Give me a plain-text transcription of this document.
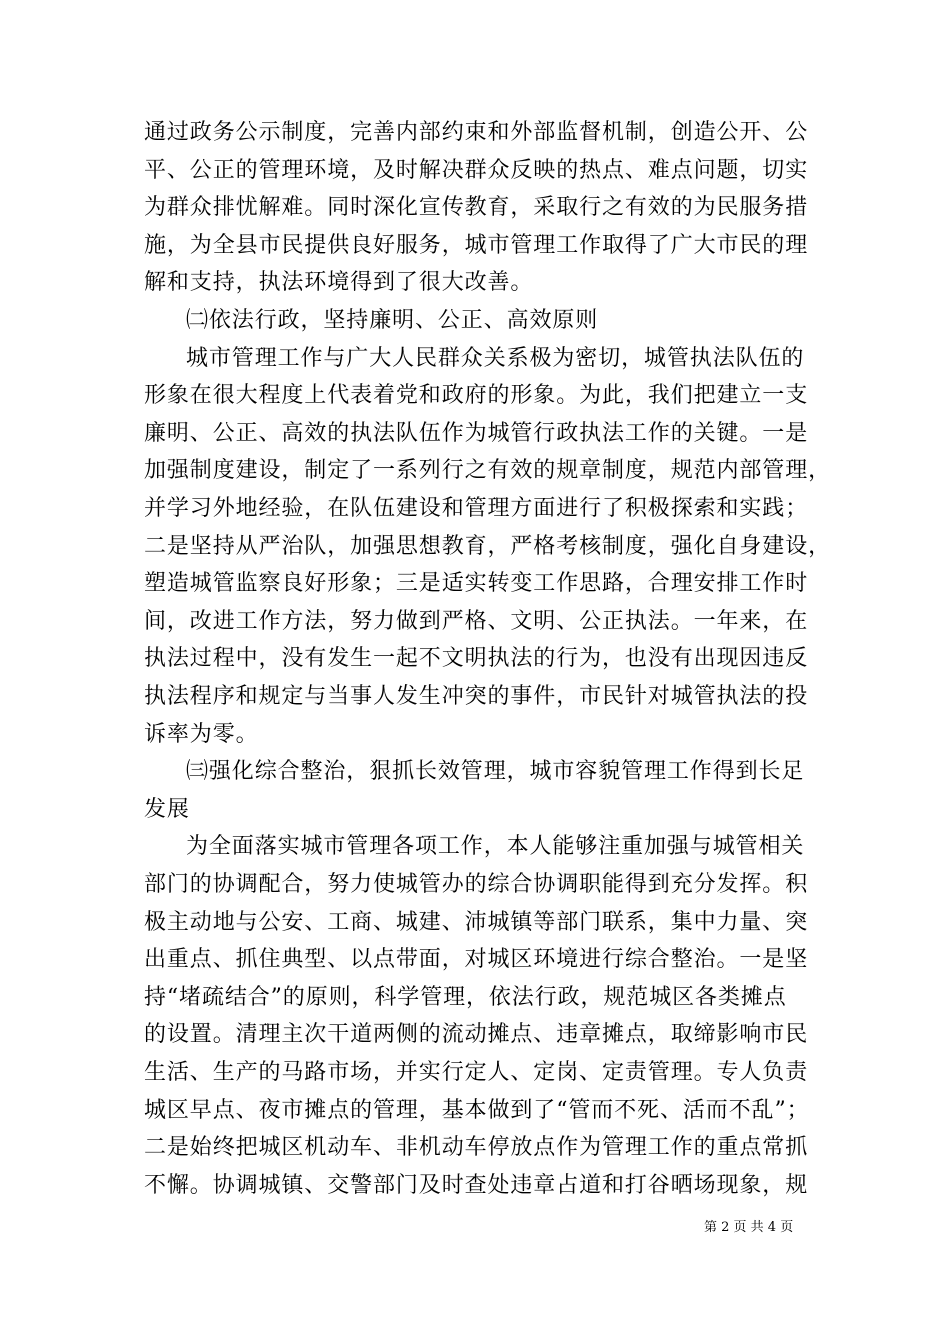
通过政务公示制度，完善内部约束和外部监督机制，创造公开、公
平、公正的管理环境，及时解决群众反映的热点、难点问题，切实
为群众排忧解难。同时深化宣传教育，采取行之有效的为民服务措
施，为全县市民提供良好服务，城市管理工作取得了广大市民的理
解和支持，执法环境得到了很大改善。
㈡依法行政，坚持廉明、公正、高效原则
城市管理工作与广大人民群众关系极为密切，城管执法队伍的
形象在很大程度上代表着党和政府的形象。为此，我们把建立一支
廉明、公正、高效的执法队伍作为城管行政执法工作的关键。一是
加强制度建设，制定了一系列行之有效的规章制度，规范内部管理，
并学习外地经验，在队伍建设和管理方面进行了积极探索和实践；
二是坚持从严治队，加强思想教育，严格考核制度，强化自身建设，
塑造城管监察良好形象；三是适实转变工作思路，合理安排工作时
间，改进工作方法，努力做到严格、文明、公正执法。一年来，在
执法过程中，没有发生一起不文明执法的行为，也没有出现因违反
执法程序和规定与当事人发生冲突的事件，市民针对城管执法的投
诉率为零。
㈢强化综合整治，狠抓长效管理，城市容貌管理工作得到长足
发展
为全面落实城市管理各项工作，本人能够注重加强与城管相关
部门的协调配合，努力使城管办的综合协调职能得到充分发挥。积
极主动地与公安、工商、城建、沛城镇等部门联系，集中力量、突
出重点、抓住典型、以点带面，对城区环境进行综合整治。一是坚
持“堵疏结合”的原则，科学管理，依法行政，规范城区各类摊点
的设置。清理主次干道两侧的流动摊点、违章摊点，取缔影响市民
生活、生产的马路市场，并实行定人、定岗、定责管理。专人负责
城区早点、夜市摊点的管理，基本做到了“管而不死、活而不乱”；
二是始终把城区机动车、非机动车停放点作为管理工作的重点常抓
不懈。协调城镇、交警部门及时查处违章占道和打谷晒场现象，规
第 2 页 共 4 页
